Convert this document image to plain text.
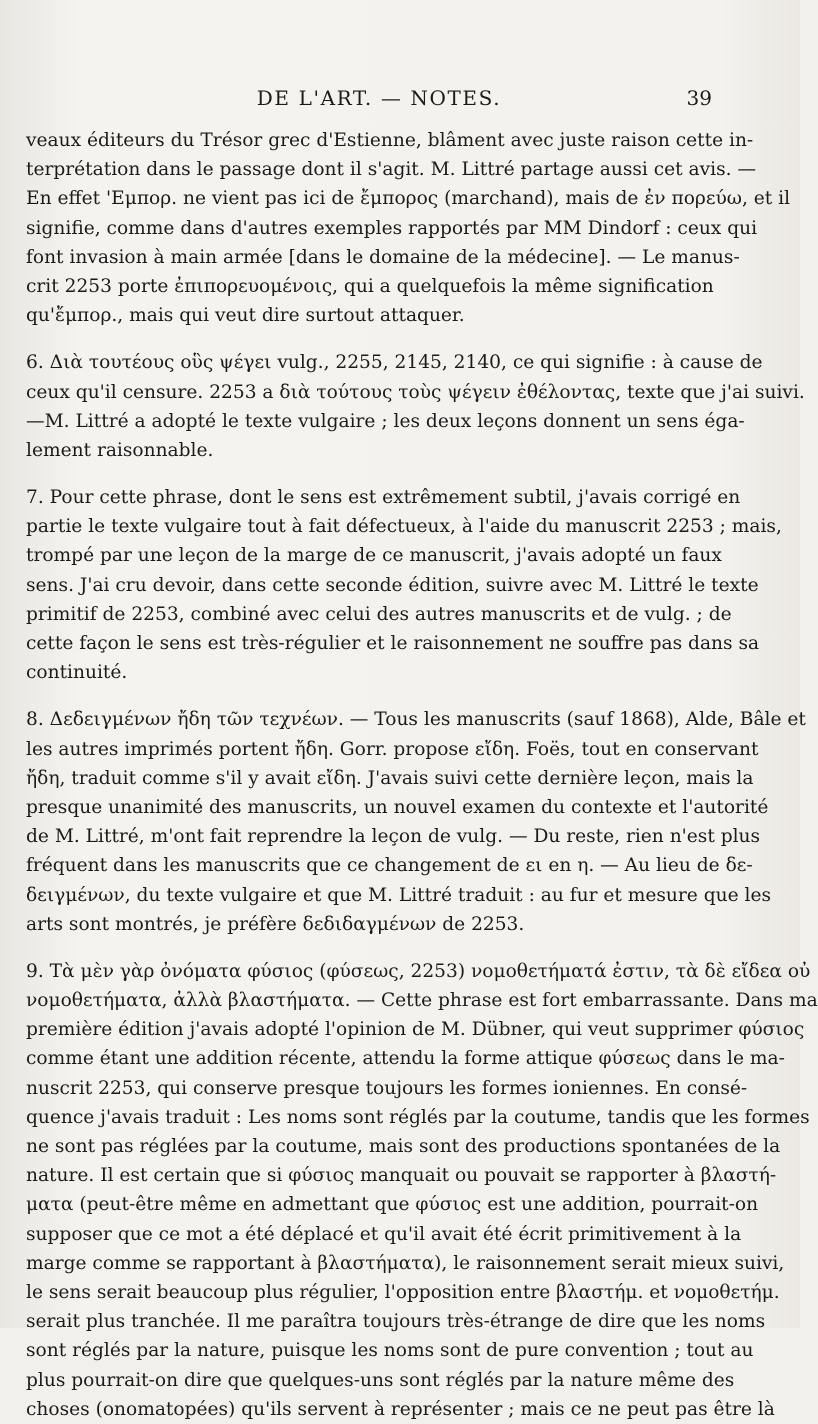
DE L'ART. — NOTES.	39
veaux éditeurs du Trésor grec d'Estienne, blâment avec juste raison cette in-
terprétation dans le passage dont il s'agit. M. Littré partage aussi cet avis. —
En effet 'Εμπορ. ne vient pas ici de ἔμπορος (marchand), mais de ἐν πορεύω, et il
signifie, comme dans d'autres exemples rapportés par MM Dindorf : ceux qui
font invasion à main armée [dans le domaine de la médecine]. — Le manus-
crit 2253 porte ἐπιπορευομένοις, qui a quelquefois la même signification
qu'ἔμπορ., mais qui veut dire surtout attaquer.
6. Διὰ τουτέους οὓς ψέγει vulg., 2255, 2145, 2140, ce qui signifie : à cause de
ceux qu'il censure. 2253 a διὰ τούτους τοὺς ψέγειν ἐθέλοντας, texte que j'ai suivi.
—M. Littré a adopté le texte vulgaire ; les deux leçons donnent un sens éga-
lement raisonnable.
7. Pour cette phrase, dont le sens est extrêmement subtil, j'avais corrigé en
partie le texte vulgaire tout à fait défectueux, à l'aide du manuscrit 2253 ; mais,
trompé par une leçon de la marge de ce manuscrit, j'avais adopté un faux
sens. J'ai cru devoir, dans cette seconde édition, suivre avec M. Littré le texte
primitif de 2253, combiné avec celui des autres manuscrits et de vulg. ; de
cette façon le sens est très-régulier et le raisonnement ne souffre pas dans sa
continuité.
8. Δεδειγμένων ἤδη τῶν τεχνέων. — Tous les manuscrits (sauf 1868), Alde, Bâle et
les autres imprimés portent ἤδη. Gorr. propose εἴδη. Foës, tout en conservant
ἤδη, traduit comme s'il y avait εἴδη. J'avais suivi cette dernière leçon, mais la
presque unanimité des manuscrits, un nouvel examen du contexte et l'autorité
de M. Littré, m'ont fait reprendre la leçon de vulg. — Du reste, rien n'est plus
fréquent dans les manuscrits que ce changement de ει en η. — Au lieu de δε-
δειγμένων, du texte vulgaire et que M. Littré traduit : au fur et mesure que les
arts sont montrés, je préfère δεδιδαγμένων de 2253.
9. Τὰ μὲν γὰρ ὀνόματα φύσιος (φύσεως, 2253) νομοθετήματά ἐστιν, τὰ δὲ εἴδεα οὐ
νομοθετήματα, ἀλλὰ βλαστήματα. — Cette phrase est fort embarrassante. Dans ma
première édition j'avais adopté l'opinion de M. Dübner, qui veut supprimer φύσιος
comme étant une addition récente, attendu la forme attique φύσεως dans le ma-
nuscrit 2253, qui conserve presque toujours les formes ioniennes. En consé-
quence j'avais traduit : Les noms sont réglés par la coutume, tandis que les formes
ne sont pas réglées par la coutume, mais sont des productions spontanées de la
nature. Il est certain que si φύσιος manquait ou pouvait se rapporter à βλαστή-
ματα (peut-être même en admettant que φύσιος est une addition, pourrait-on
supposer que ce mot a été déplacé et qu'il avait été écrit primitivement à la
marge comme se rapportant à βλαστήματα), le raisonnement serait mieux suivi,
le sens serait beaucoup plus régulier, l'opposition entre βλαστήμ. et νομοθετήμ.
serait plus tranchée. Il me paraîtra toujours très-étrange de dire que les noms
sont réglés par la nature, puisque les noms sont de pure convention ; tout au
plus pourrait-on dire que quelques-uns sont réglés par la nature même des
choses (onomatopées) qu'ils servent à représenter ; mais ce ne peut pas être là
